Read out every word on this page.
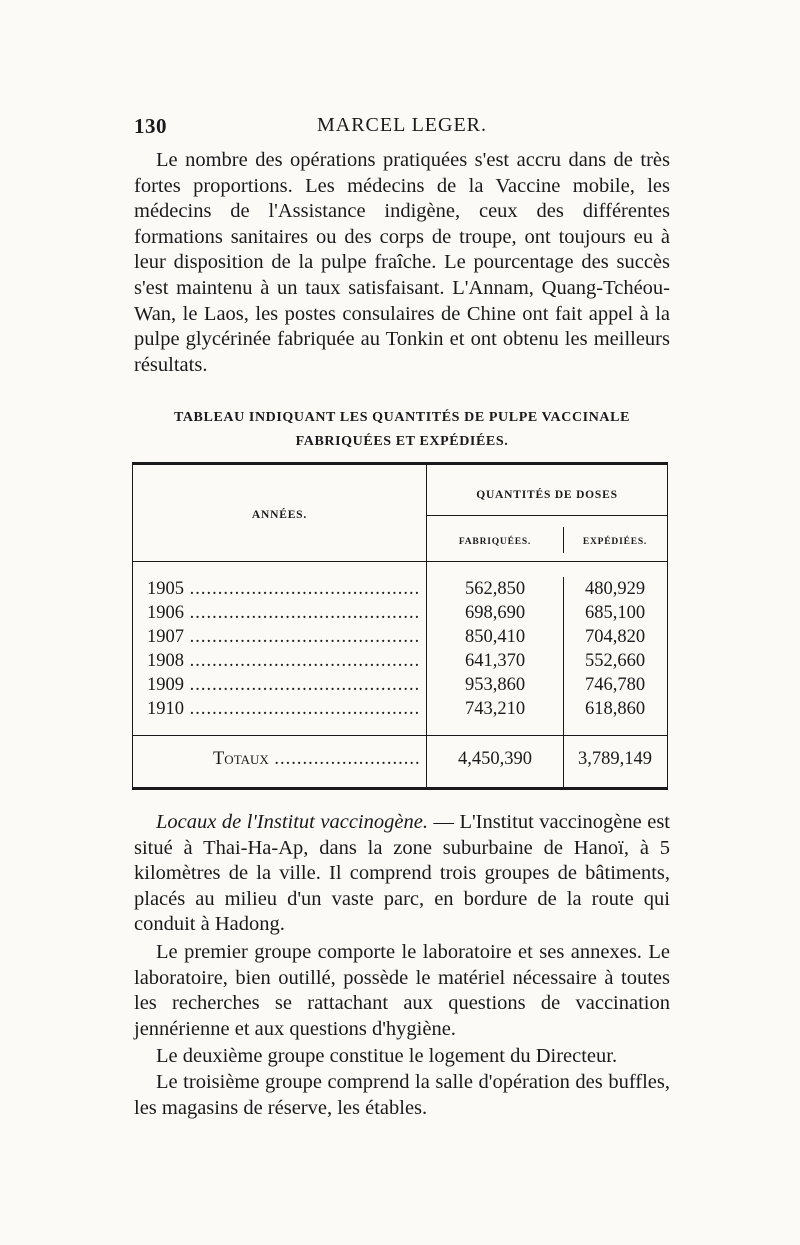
130	MARCEL LEGER.

Le nombre des opérations pratiquées s'est accru dans de très fortes proportions. Les médecins de la Vaccine mobile, les médecins de l'Assistance indigène, ceux des différentes formations sanitaires ou des corps de troupe, ont toujours eu à leur disposition de la pulpe fraîche. Le pourcentage des succès s'est maintenu à un taux satisfaisant. L'Annam, Quang-Tchéou-Wan, le Laos, les postes consulaires de Chine ont fait appel à la pulpe glycérinée fabriquée au Tonkin et ont obtenu les meilleurs résultats.

TABLEAU INDIQUANT LES QUANTITÉS DE PULPE VACCINALE

FABRIQUÉES ET EXPÉDIÉES.

ANNÉES.
QUANTITÉS DE DOSES
FABRIQUÉES.	EXPÉDIÉES.
1905 .....	562,850	480,929
1906 .....	698,690	685,100
1907 .....	850,410	704,820
1908 .....	641,370	552,660
1909 .....	953,860	746,780
1910 .....	743,210	618,860
Totaux .....	4,450,390	3,789,149

Locaux de l'Institut vaccinogène. — L'Institut vaccinogène est situé à Thai-Ha-Ap, dans la zone suburbaine de Hanoï, à 5 kilomètres de la ville. Il comprend trois groupes de bâtiments, placés au milieu d'un vaste parc, en bordure de la route qui conduit à Hadong.

Le premier groupe comporte le laboratoire et ses annexes. Le laboratoire, bien outillé, possède le matériel nécessaire à toutes les recherches se rattachant aux questions de vaccination jennérienne et aux questions d'hygiène.

Le deuxième groupe constitue le logement du Directeur.

Le troisième groupe comprend la salle d'opération des buffles, les magasins de réserve, les étables.
